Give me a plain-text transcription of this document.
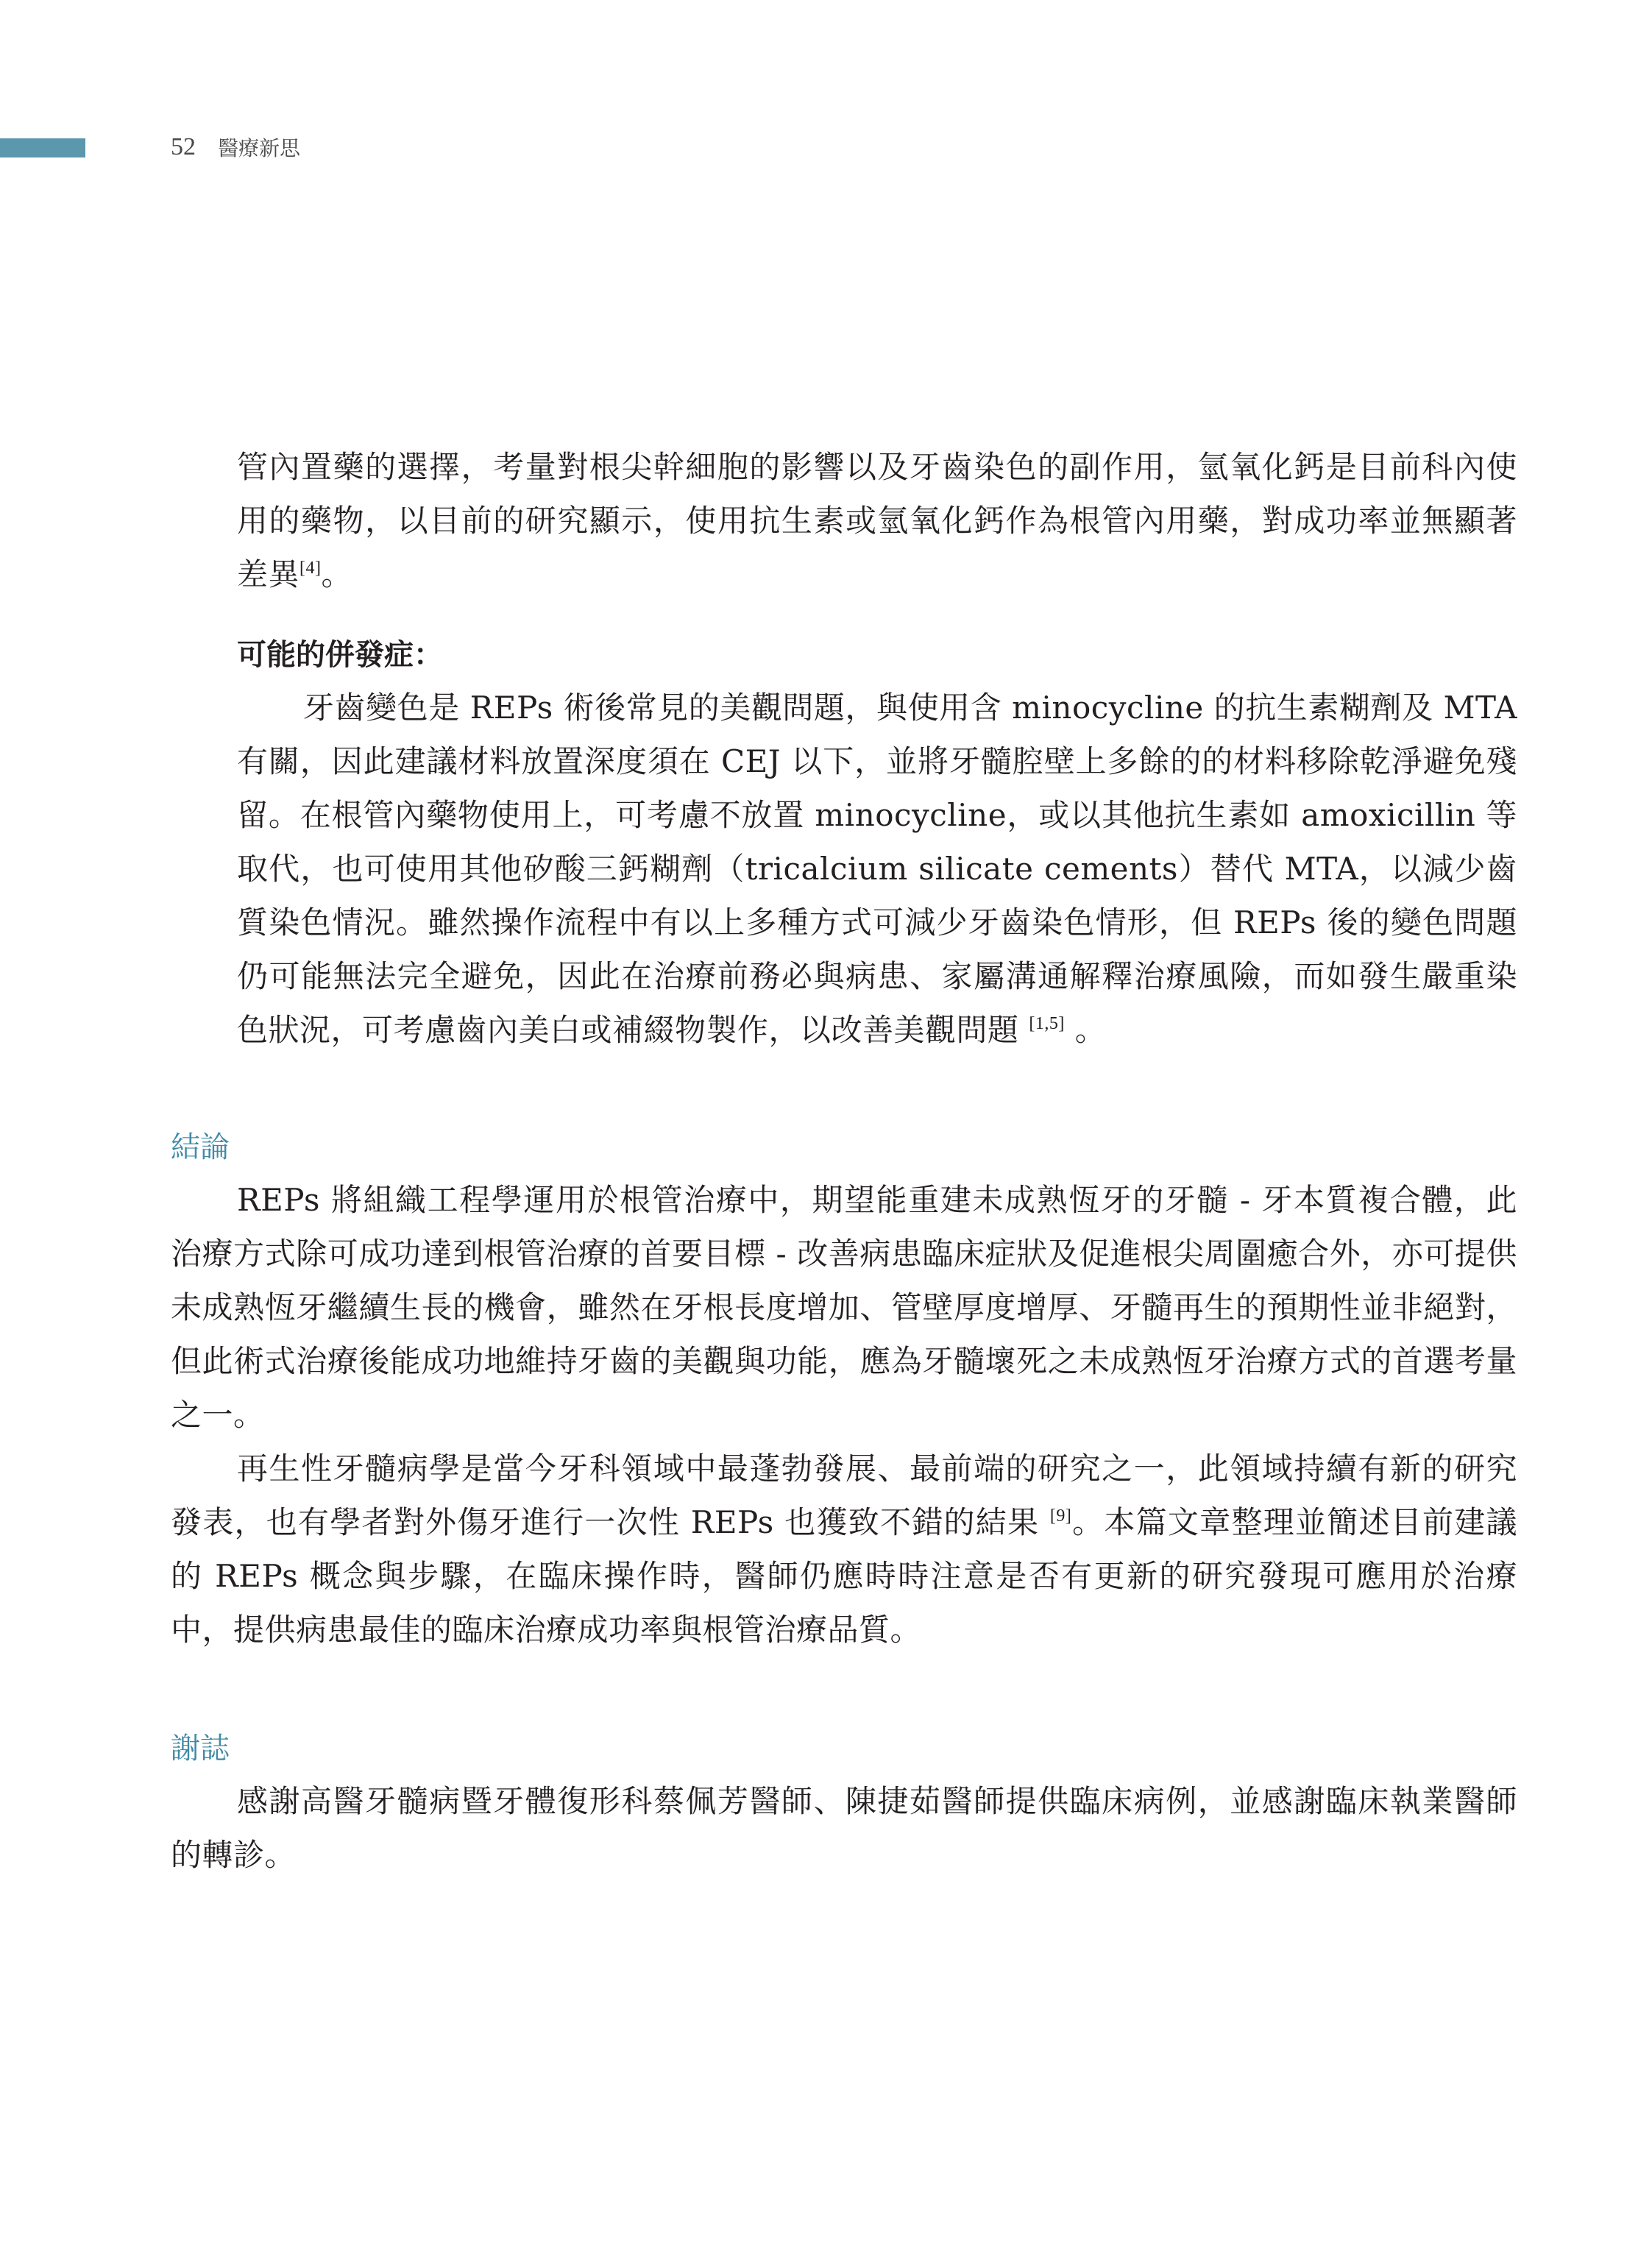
52 醫療新思

管內置藥的選擇，考量對根尖幹細胞的影響以及牙齒染色的副作用，氫氧化鈣是目前科內使用的藥物，以目前的研究顯示，使用抗生素或氫氧化鈣作為根管內用藥，對成功率並無顯著差異[4]。

可能的併發症：

牙齒變色是 REPs 術後常見的美觀問題，與使用含 minocycline 的抗生素糊劑及 MTA 有關，因此建議材料放置深度須在 CEJ 以下，並將牙髓腔壁上多餘的的材料移除乾淨避免殘留。在根管內藥物使用上，可考慮不放置 minocycline，或以其他抗生素如 amoxicillin 等取代，也可使用其他矽酸三鈣糊劑（tricalcium silicate cements）替代 MTA，以減少齒質染色情況。雖然操作流程中有以上多種方式可減少牙齒染色情形，但 REPs 後的變色問題仍可能無法完全避免，因此在治療前務必與病患、家屬溝通解釋治療風險，而如發生嚴重染色狀況，可考慮齒內美白或補綴物製作，以改善美觀問題 [1,5] 。

結論

REPs 將組織工程學運用於根管治療中，期望能重建未成熟恆牙的牙髓 - 牙本質複合體，此治療方式除可成功達到根管治療的首要目標 - 改善病患臨床症狀及促進根尖周圍癒合外，亦可提供未成熟恆牙繼續生長的機會，雖然在牙根長度增加、管壁厚度增厚、牙髓再生的預期性並非絕對，但此術式治療後能成功地維持牙齒的美觀與功能，應為牙髓壞死之未成熟恆牙治療方式的首選考量之一。

再生性牙髓病學是當今牙科領域中最蓬勃發展、最前端的研究之一，此領域持續有新的研究發表，也有學者對外傷牙進行一次性 REPs 也獲致不錯的結果 [9]。本篇文章整理並簡述目前建議的 REPs 概念與步驟，在臨床操作時，醫師仍應時時注意是否有更新的研究發現可應用於治療中，提供病患最佳的臨床治療成功率與根管治療品質。

謝誌

感謝高醫牙髓病暨牙體復形科蔡佩芳醫師、陳捷茹醫師提供臨床病例，並感謝臨床執業醫師的轉診。
